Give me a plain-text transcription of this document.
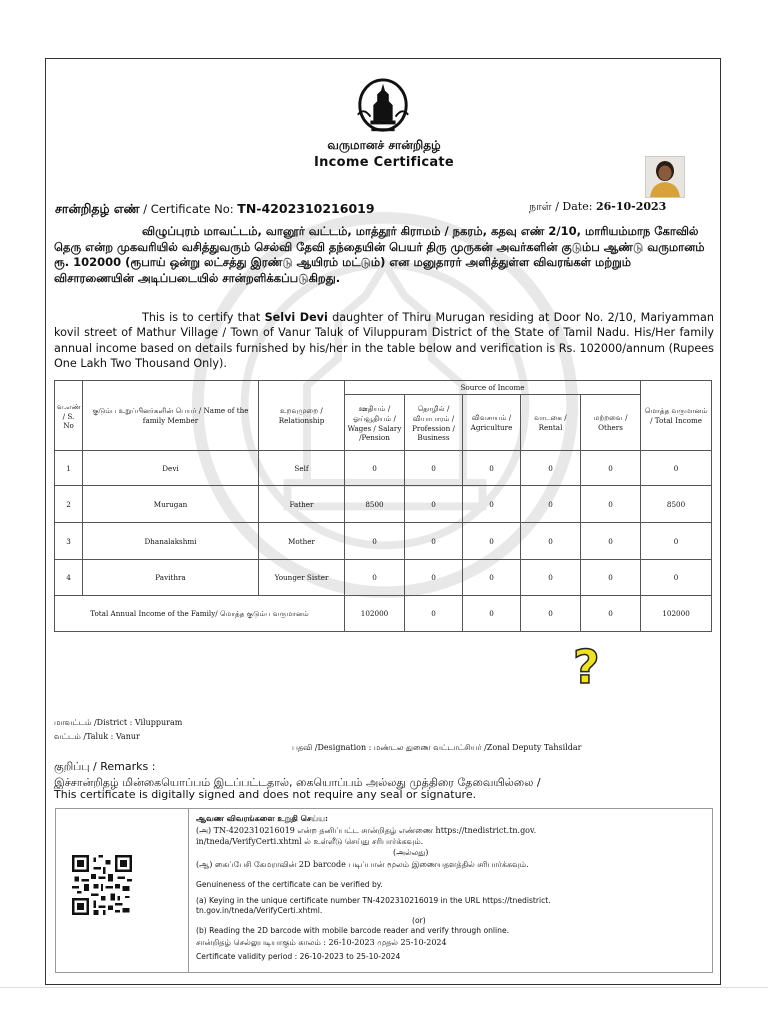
வருமானச் சான்றிதழ்
Income Certificate
சான்றிதழ் எண் / Certificate No: TN-4202310216019	நாள் / Date: 26-10-2023
விழுப்புரம் மாவட்டம், வானூர் வட்டம், மாத்தூர் கிராமம் / நகரம், கதவு எண் 2/10, மாரியம்மாந கோவில் தெரு என்ற முகவரியில் வசித்துவரும் செல்வி தேவி தந்தையின் பெயர் திரு முருகன் அவர்களின் குடும்ப ஆண்டு வருமானம் ரூ. 102000 (ரூபாய் ஒன்று லட்சத்து இரண்டு ஆயிரம் மட்டும்) என மனுதாரர் அளித்துள்ள விவரங்கள் மற்றும் விசாரணையின் அடிப்படையில் சான்றளிக்கப்படுகிறது.
This is to certify that Selvi Devi daughter of Thiru Murugan residing at Door No. 2/10, Mariyamman kovil street of Mathur Village / Town of Vanur Taluk of Viluppuram District of the State of Tamil Nadu. His/Her family annual income based on details furnished by his/her in the table below and verification is Rs. 102000/annum (Rupees One Lakh Two Thousand Only).
வ.எண் / S. No	குடும்ப உறுப்பினர்களின் பெயர் / Name of the family Member	உறவுமுறை / Relationship	Source of Income					மொத்த வருமானம் / Total Income
			ஊதியம் / ஓய்வூதியம் / Wages / Salary /Pension	தொழில் / வியாபாரம் / Profession / Business	விவசாயம் / Agriculture	வாடகை / Rental	மற்றவை / Others	
1	Devi	Self	0	0	0	0	0	0
2	Murugan	Father	8500	0	0	0	0	8500
3	Dhanalakshmi	Mother	0	0	0	0	0	0
4	Pavithra	Younger Sister	0	0	0	0	0	0
Total Annual Income of the Family/ மொத்த குடும்ப வருமானம்			102000	0	0	0	0	102000
?
மாவட்டம் /District : Viluppuram
வட்டம் /Taluk : Vanur
பதவி /Designation : மண்டல துணை வட்டாட்சியர் /Zonal Deputy Tahsildar
குறிப்பு / Remarks :
இச்சான்றிதழ் மின்கையொப்பம் இடப்பட்டதால், கையொப்பம் அல்லது முத்திரை தேவையில்லை /
This certificate is digitally signed and does not require any seal or signature.
ஆவண விவரங்களை உறுதி செய்ய:
(அ) TN-4202310216019 என்ற தனிப்பட்ட சான்றிதழ் எண்ணை https://tnedistrict.tn.gov.
in/tneda/VerifyCerti.xhtml ல் உள்ளீடு செய்து சரிபார்க்கவும்.
(அல்லது)
(ஆ) கைப்பேசி கேமராவின் 2D barcode படிப்பான் மூலம் இணையதளத்தில் சரிபார்க்கவும்.
Genuineness of the certificate can be verified by.
(a) Keying in the unique certificate number TN-4202310216019 in the URL https://tnedistrict.
tn.gov.in/tneda/VerifyCerti.xhtml.
(or)
(b) Reading the 2D barcode with mobile barcode reader and verify through online.
சான்றிதழ் செல்லுபடியாகும் காலம் : 26-10-2023 முதல் 25-10-2024
Certificate validity period : 26-10-2023 to 25-10-2024
